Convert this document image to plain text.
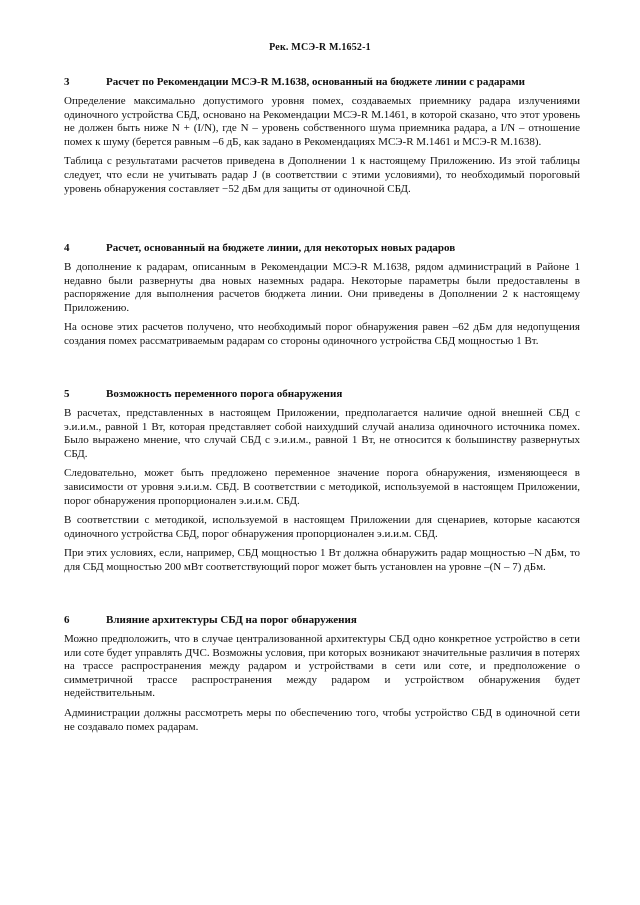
Рек. МСЭ-R M.1652-1
3	Расчет по Рекомендации МСЭ-R M.1638, основанный на бюджете линии с радарами

Определение максимально допустимого уровня помех, создаваемых приемнику радара излучениями одиночного устройства СБД, основано на Рекомендации МСЭ-R M.1461, в которой сказано, что этот уровень не должен быть ниже N + (I/N), где N – уровень собственного шума приемника радара, а I/N – отношение помех к шуму (берется равным –6 дБ, как задано в Рекомендациях МСЭ-R M.1461 и МСЭ-R M.1638).

Таблица с результатами расчетов приведена в Дополнении 1 к настоящему Приложению. Из этой таблицы следует, что если не учитывать радар J (в соответствии с этими условиями), то необходимый пороговый уровень обнаружения составляет −52 дБм для защиты от одиночной СБД.

4	Расчет, основанный на бюджете линии, для некоторых новых радаров

В дополнение к радарам, описанным в Рекомендации МСЭ-R M.1638, рядом администраций в Районе 1 недавно были развернуты два новых наземных радара. Некоторые параметры были предоставлены в распоряжение для выполнения расчетов бюджета линии. Они приведены в Дополнении 2 к настоящему Приложению.

На основе этих расчетов получено, что необходимый порог обнаружения равен –62 дБм для недопущения создания помех рассматриваемым радарам со стороны одиночного устройства СБД мощностью 1 Вт.

5	Возможность переменного порога обнаружения

В расчетах, представленных в настоящем Приложении, предполагается наличие одной внешней СБД с э.и.и.м., равной 1 Вт, которая представляет собой наихудший случай анализа одиночного источника помех. Было выражено мнение, что случай СБД с э.и.и.м., равной 1 Вт, не относится к большинству развернутых СБД.

Следовательно, может быть предложено переменное значение порога обнаружения, изменяющееся в зависимости от уровня э.и.и.м. СБД. В соответствии с методикой, используемой в настоящем Приложении, порог обнаружения пропорционален э.и.и.м. СБД.

В соответствии с методикой, используемой в настоящем Приложении для сценариев, которые касаются одиночного устройства СБД, порог обнаружения пропорционален э.и.и.м. СБД.

При этих условиях, если, например, СБД мощностью 1 Вт должна обнаружить радар мощностью –N дБм, то для СБД мощностью 200 мВт соответствующий порог может быть установлен на уровне –(N – 7) дБм.

6	Влияние архитектуры СБД на порог обнаружения

Можно предположить, что в случае централизованной архитектуры СБД одно конкретное устройство в сети или соте будет управлять ДЧС. Возможны условия, при которых возникают значительные различия в потерях на трассе распространения между радаром и устройствами в сети или соте, и предположение о симметричной трассе распространения между радаром и устройством обнаружения будет недействительным.

Администрации должны рассмотреть меры по обеспечению того, чтобы устройство СБД в одиночной сети не создавало помех радарам.
